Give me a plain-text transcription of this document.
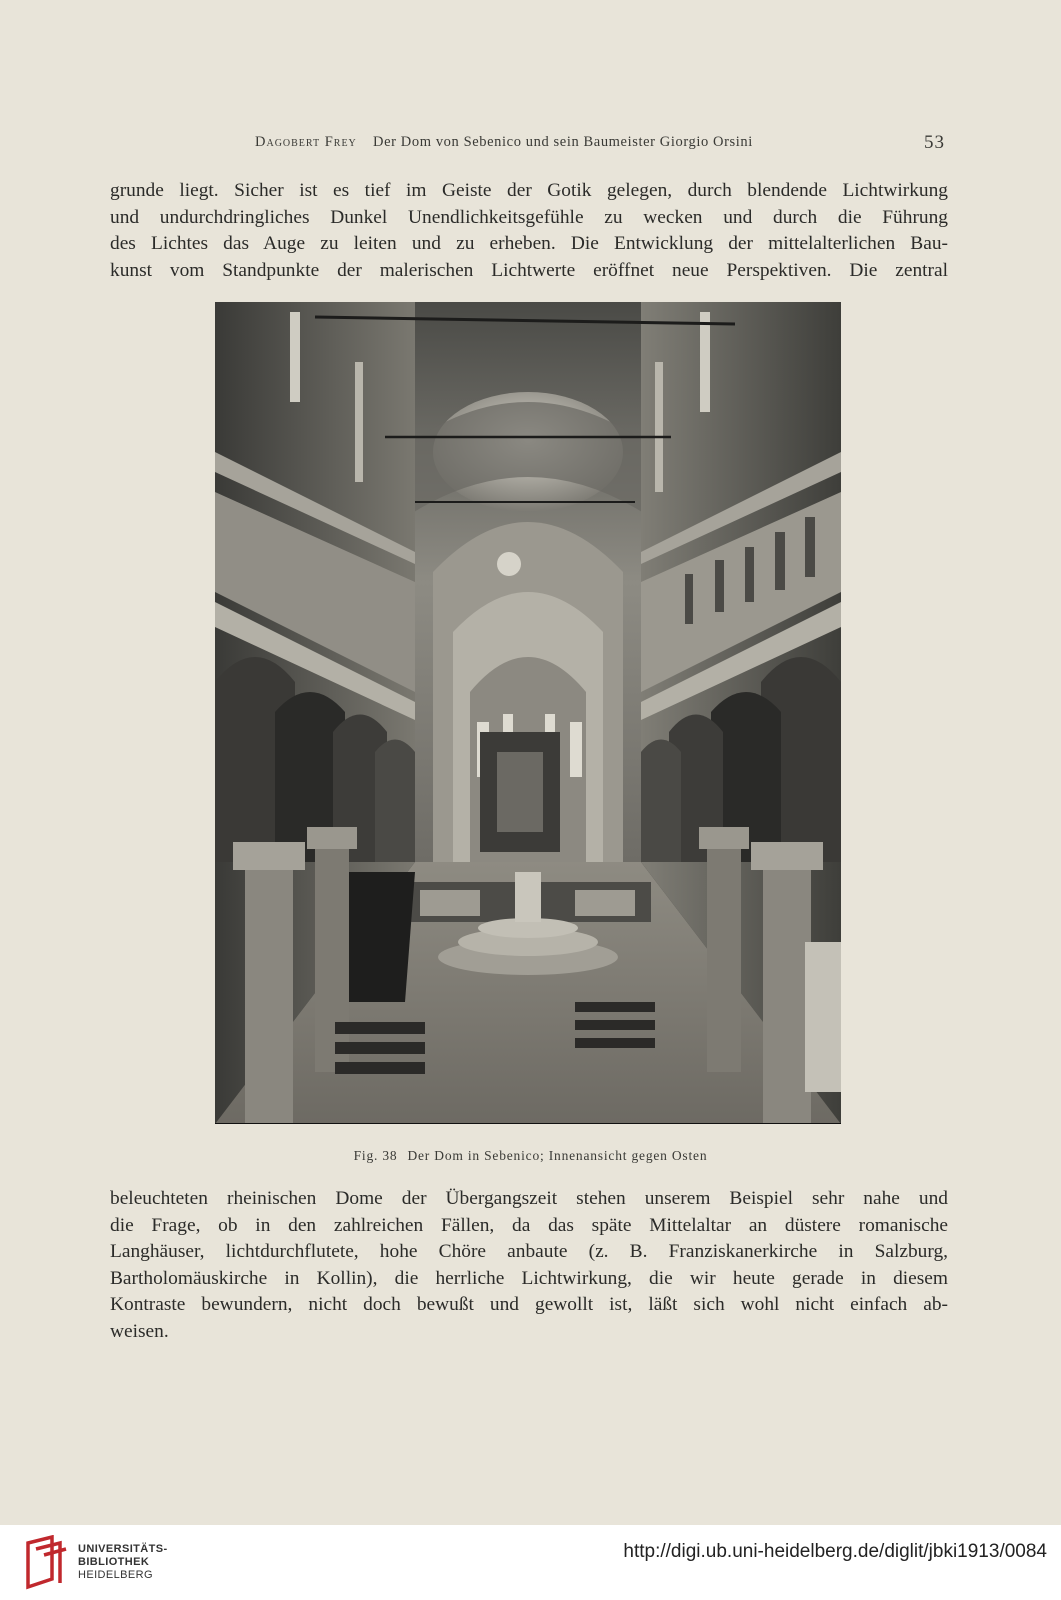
Dagobert Frey Der Dom von Sebenico und sein Baumeister Giorgio Orsini	53

grunde liegt. Sicher ist es tief im Geiste der Gotik gelegen, durch blendende Lichtwirkung
und undurchdringliches Dunkel Unendlichkeitsgefühle zu wecken und durch die Führung
des Lichtes das Auge zu leiten und zu erheben. Die Entwicklung der mittelalterlichen Bau-
kunst vom Standpunkte der malerischen Lichtwerte eröffnet neue Perspektiven. Die zentral

Fig. 38 Der Dom in Sebenico; Innenansicht gegen Osten

beleuchteten rheinischen Dome der Übergangszeit stehen unserem Beispiel sehr nahe und
die Frage, ob in den zahlreichen Fällen, da das späte Mittelaltar an düstere romanische
Langhäuser, lichtdurchflutete, hohe Chöre anbaute (z. B. Franziskanerkirche in Salzburg,
Bartholomäuskirche in Kollin), die herrliche Lichtwirkung, die wir heute gerade in diesem
Kontraste bewundern, nicht doch bewußt und gewollt ist, läßt sich wohl nicht einfach ab-
weisen.

UNIVERSITÄTS-
BIBLIOTHEK
HEIDELBERG
http://digi.ub.uni-heidelberg.de/diglit/jbki1913/0084
